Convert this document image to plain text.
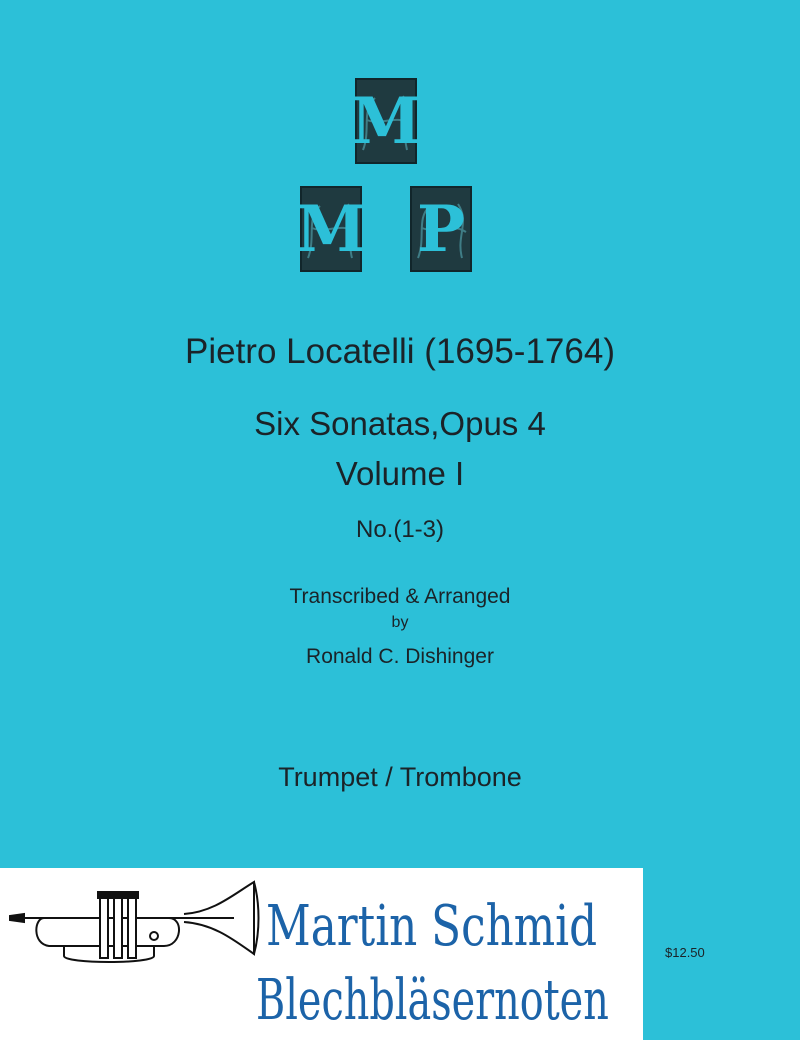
M
M P
Pietro Locatelli (1695-1764)
Six Sonatas,Opus 4
Volume I
No.(1-3)
Transcribed & Arranged
by
Ronald C. Dishinger
Trumpet / Trombone
Martin Schmid
Blechbläsernoten
$12.50
